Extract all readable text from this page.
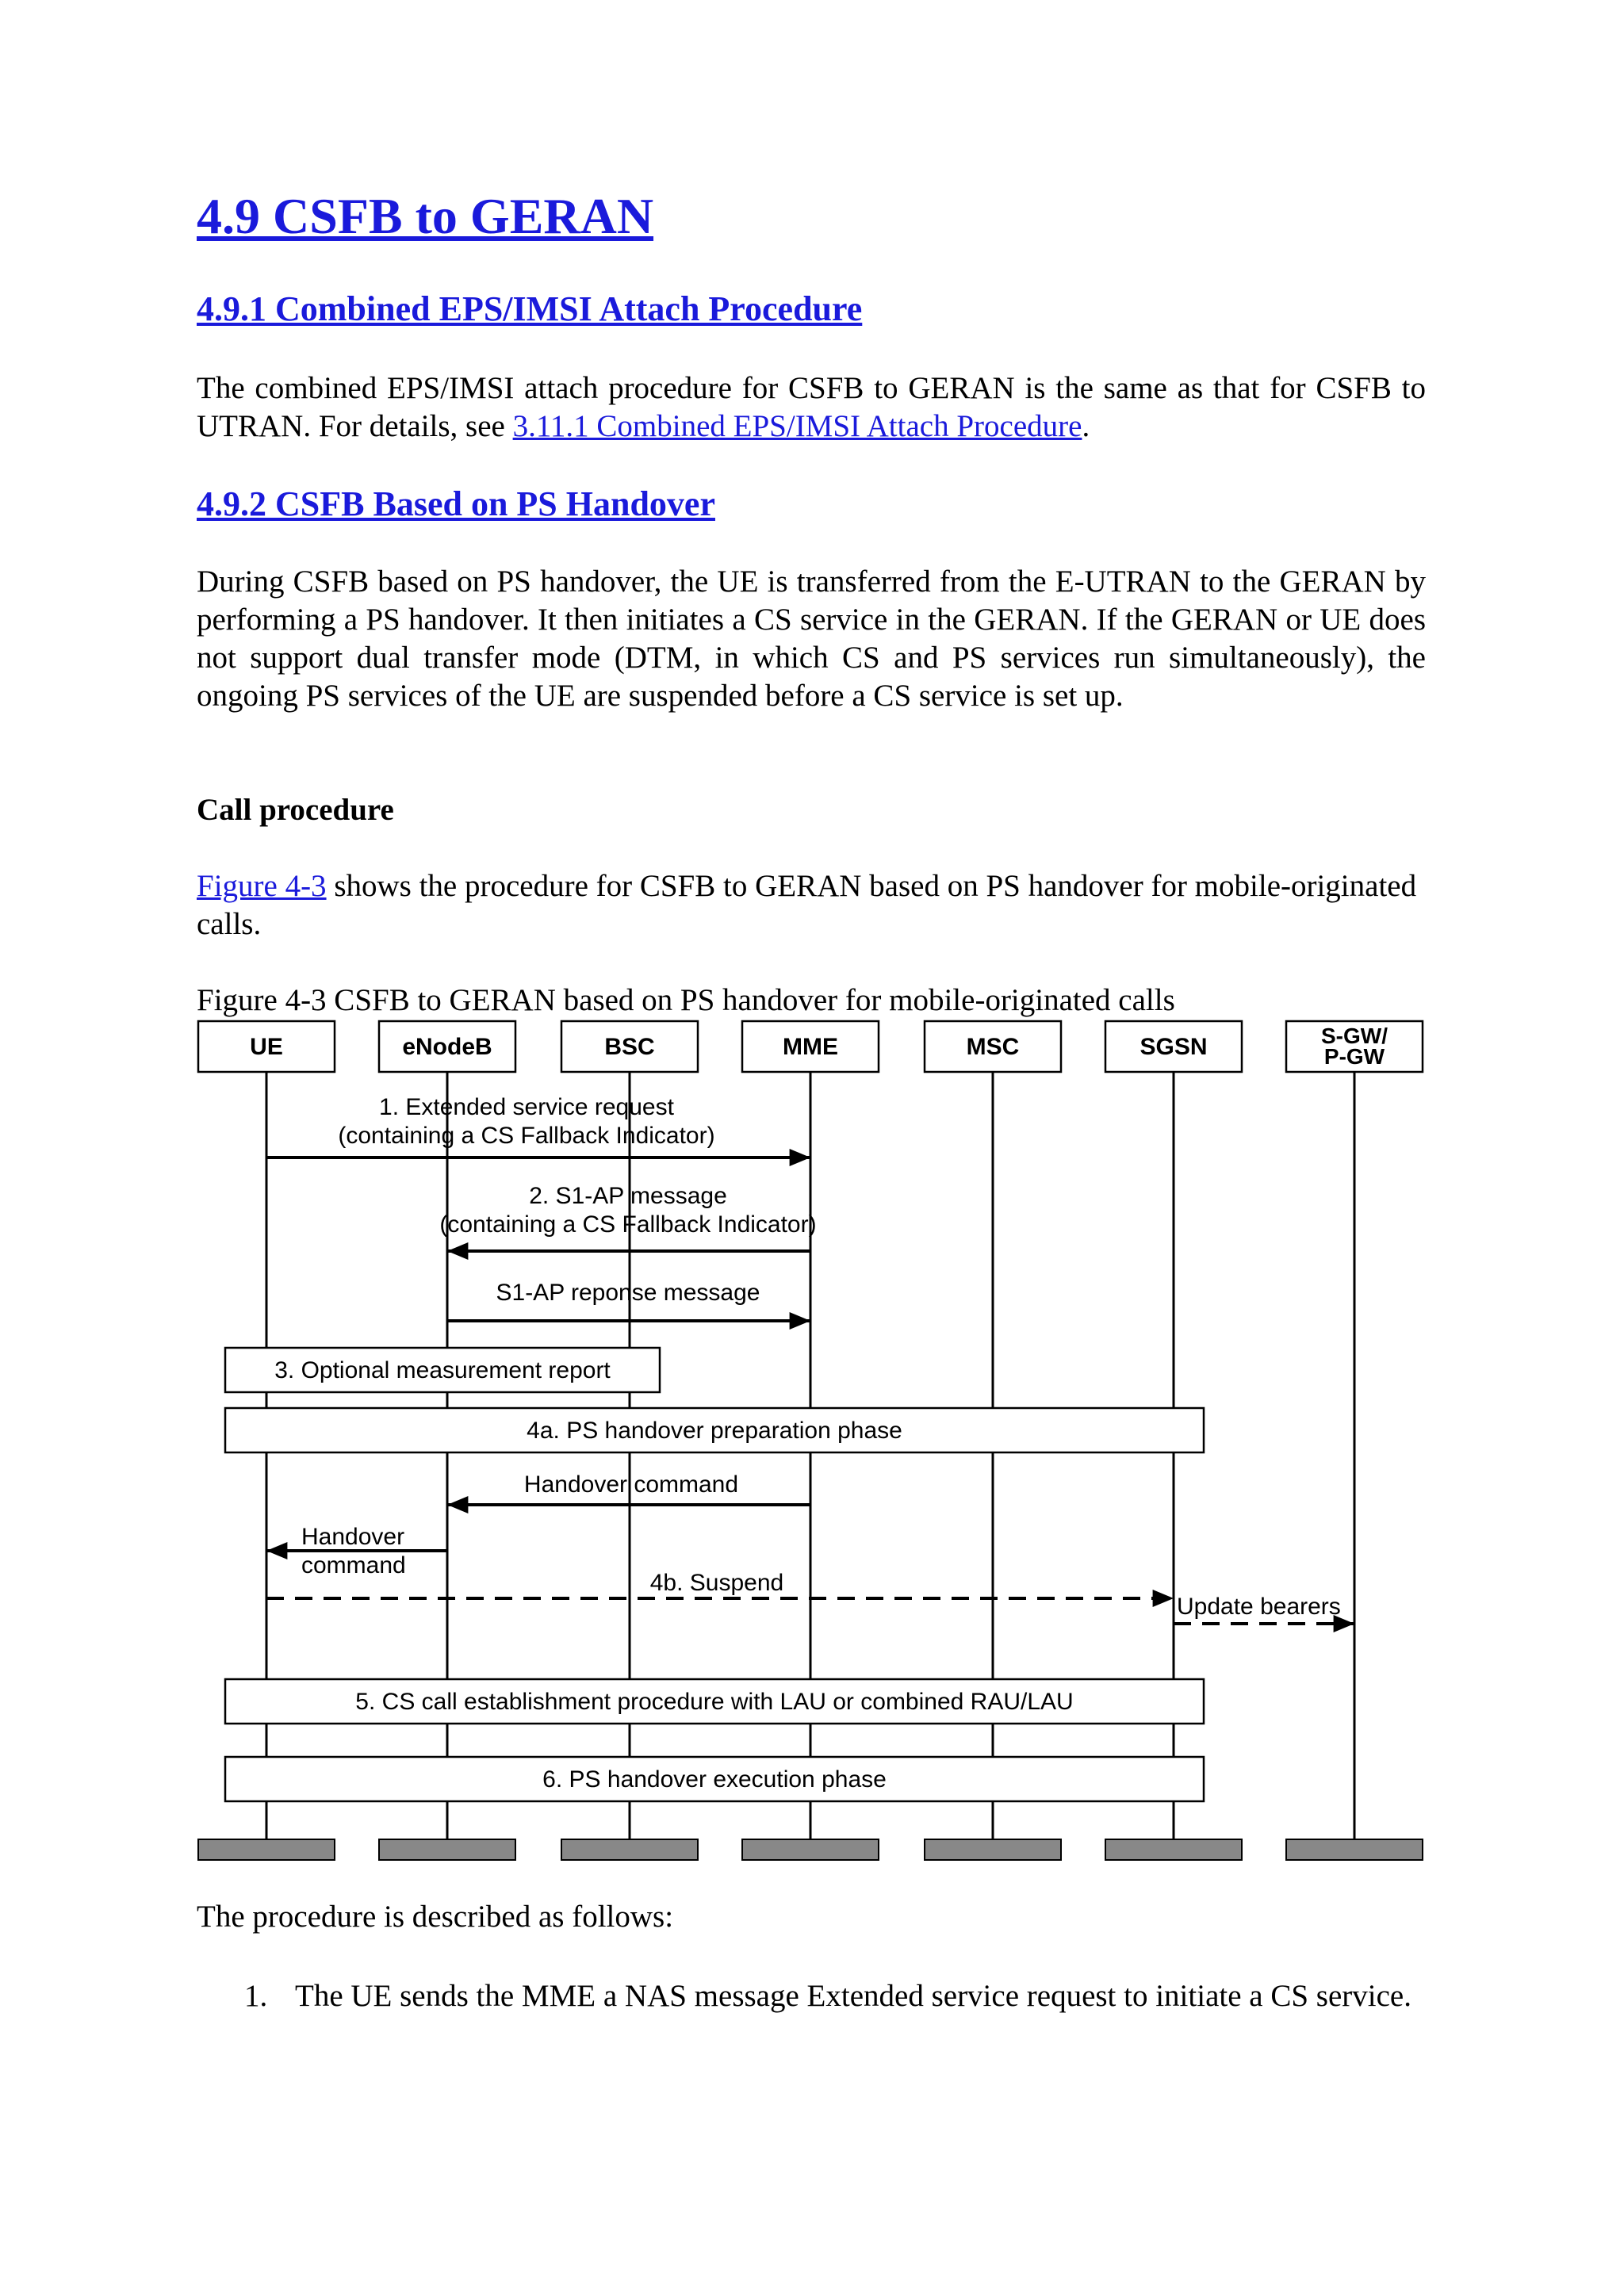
4.9 CSFB to GERAN
4.9.1 Combined EPS/IMSI Attach Procedure
The combined EPS/IMSI attach procedure for CSFB to GERAN is the same as that for CSFB to UTRAN. For details, see 3.11.1 Combined EPS/IMSI Attach Procedure.
4.9.2 CSFB Based on PS Handover
During CSFB based on PS handover, the UE is transferred from the E-UTRAN to the GERAN by performing a PS handover. It then initiates a CS service in the GERAN. If the GERAN or UE does not support dual transfer mode (DTM, in which CS and PS services run simultaneously), the ongoing PS services of the UE are suspended before a CS service is set up.
Call procedure
Figure 4-3 shows the procedure for CSFB to GERAN based on PS handover for mobile-originated calls.
Figure 4-3 CSFB to GERAN based on PS handover for mobile-originated calls
UE	eNodeB	BSC	MME	MSC	SGSN	S-GW/
P-GW
1. Extended service request
(containing a CS Fallback Indicator)
2. S1-AP message
(containing a CS Fallback Indicator)
S1-AP reponse message
3. Optional measurement report
4a. PS handover preparation phase
Handover command
Handover
command
4b. Suspend
Update bearers
5. CS call establishment procedure with LAU or combined RAU/LAU
6. PS handover execution phase
The procedure is described as follows:
1. The UE sends the MME a NAS message Extended service request to initiate a CS service.
